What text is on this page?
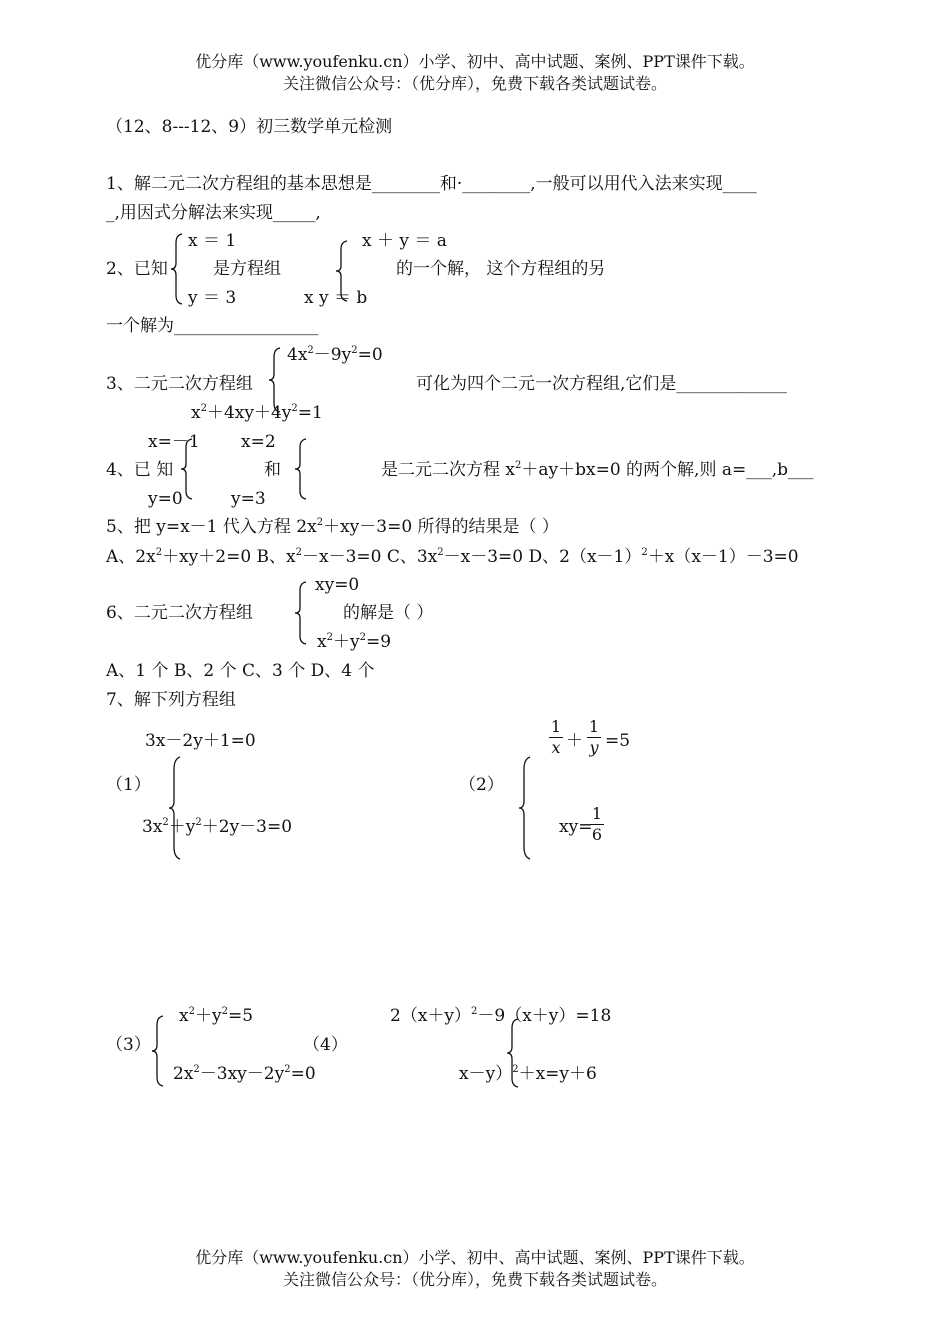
优分库（www.youfenku.cn）小学、初中、高中试题、案例、PPT课件下载。
关注微信公众号：（优分库），免费下载各类试题试卷。
（12、8---12、9）初三数学单元检测
1、解二元二次方程组的基本思想是________和·________,一般可以用代入法来实现____
_,用因式分解法来实现_____,
x ＝ 1
2、已知	是方程组
y ＝ 3
x ＋ y ＝ a
x y ＝ b
的一个解， 这个方程组的另
一个解为_________________
$4x^2-9y^2=0$
3、二元二次方程组	可化为四个二元一次方程组,它们是_____________
$x^2+4xy+4y^2=1$
x=－1 x=2
4、已 知	和	是二元二次方程 $x^2+ay+bx=0$ 的两个解,则 a=___,b___
y=0	y=3
5、把 y=x－1 代入方程 $2x^2+xy-3=0$ 所得的结果是（ ）
A、$2x^2+xy+2=0$ B、$x^2-x-3=0$ C、$3x^2-x-3=0$ D、$2(x-1)^2+x(x-1)-3=0$
xy=0
6、二元二次方程组	的解是（ ）
$x^2+y^2=9$
A、1 个 B、2 个 C、3 个 D、4 个
7、解下列方程组
3x－2y＋1=0
（1）
$3x^2+y^2+2y-3=0$
1
x ＋
1
y =5
（2）
xy=
1
6
$x^2+y^2=5$
（3）
$2x^2-3xy-2y^2=0$
$2(x+y)^2-9(x+y)=18$
（4）
x－y）$^2$＋x=y＋6
优分库（www.youfenku.cn）小学、初中、高中试题、案例、PPT课件下载。
关注微信公众号：（优分库），免费下载各类试题试卷。
